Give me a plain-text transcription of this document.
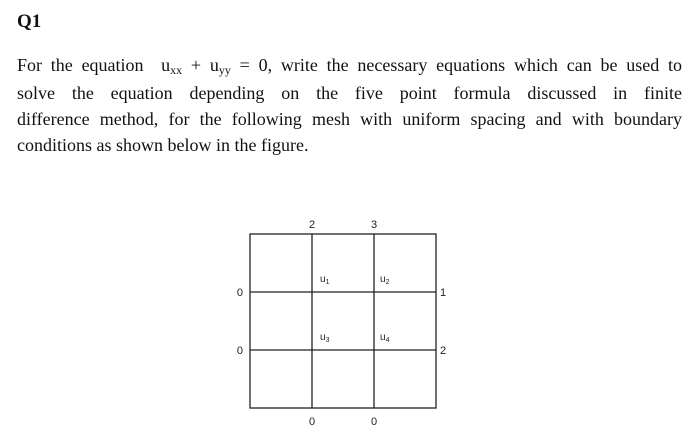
Q1
For the equation uxx + uyy = 0, write the necessary equations which can be used to
solve the equation depending on the five point formula discussed in finite
difference method, for the following mesh with uniform spacing and with boundary
conditions as shown below in the figure.
2	3
1
2
0
0
0	0
$u_1$	$u_2$
$u_3$	$u_4$
